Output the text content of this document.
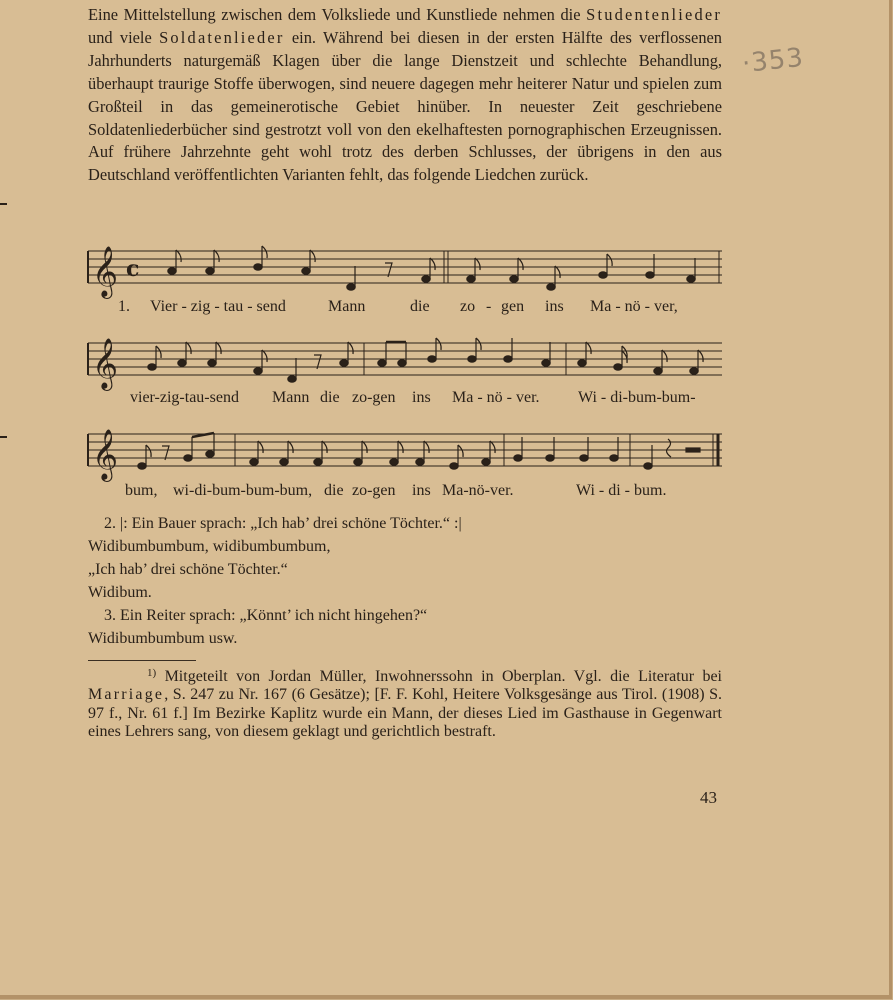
·353

Eine Mittelstellung zwischen dem Volksliede und Kunstliede nehmen die Studentenlieder und viele Soldatenlieder ein. Während bei diesen in der ersten Hälfte des verflossenen Jahrhunderts naturgemäß Klagen über die lange Dienstzeit und schlechte Behandlung, überhaupt traurige Stoffe überwogen, sind neuere dagegen mehr heiterer Natur und spielen zum Großteil in das gemeinerotische Gebiet hinüber. In neuester Zeit geschriebene Soldatenliederbücher sind gestrotzt voll von den ekelhaftesten pornographischen Erzeugnissen. Auf frühere Jahrzehnte geht wohl trotz des derben Schlusses, der übrigens in den aus Deutschland veröffentlichten Varianten fehlt, das folgende Liedchen zurück.

𝄞 c
1. Vier - zig - tau - send	Mann	die zo - gen ins Ma - nö - ver,
𝄞
vier-zig-tau-send Mann die zo-gen ins Ma - nö - ver. Wi - di-bum-bum-
𝄞
bum, wi-di-bum-bum-bum, die zo-gen ins Ma-nö-ver.	Wi - di - bum.
2. |: Ein Bauer sprach: „Ich hab’ drei schöne Töchter.“ :|
Widibumbumbum, widibumbumbum,
„Ich hab’ drei schöne Töchter.“
Widibum.
3. Ein Reiter sprach: „Könnt’ ich nicht hingehen?“
Widibumbumbum usw.

$^{1)}$ Mitgeteilt von Jordan Müller, Inwohnerssohn in Oberplan. Vgl. die Literatur bei Marriage, S. 247 zu Nr. 167 (6 Gesätze); [F. F. Kohl, Heitere Volksgesänge aus Tirol. (1908) S. 97 f., Nr. 61 f.] Im Bezirke Kaplitz wurde ein Mann, der dieses Lied im Gasthause in Gegenwart eines Lehrers sang, von diesem geklagt und gerichtlich bestraft.

43
